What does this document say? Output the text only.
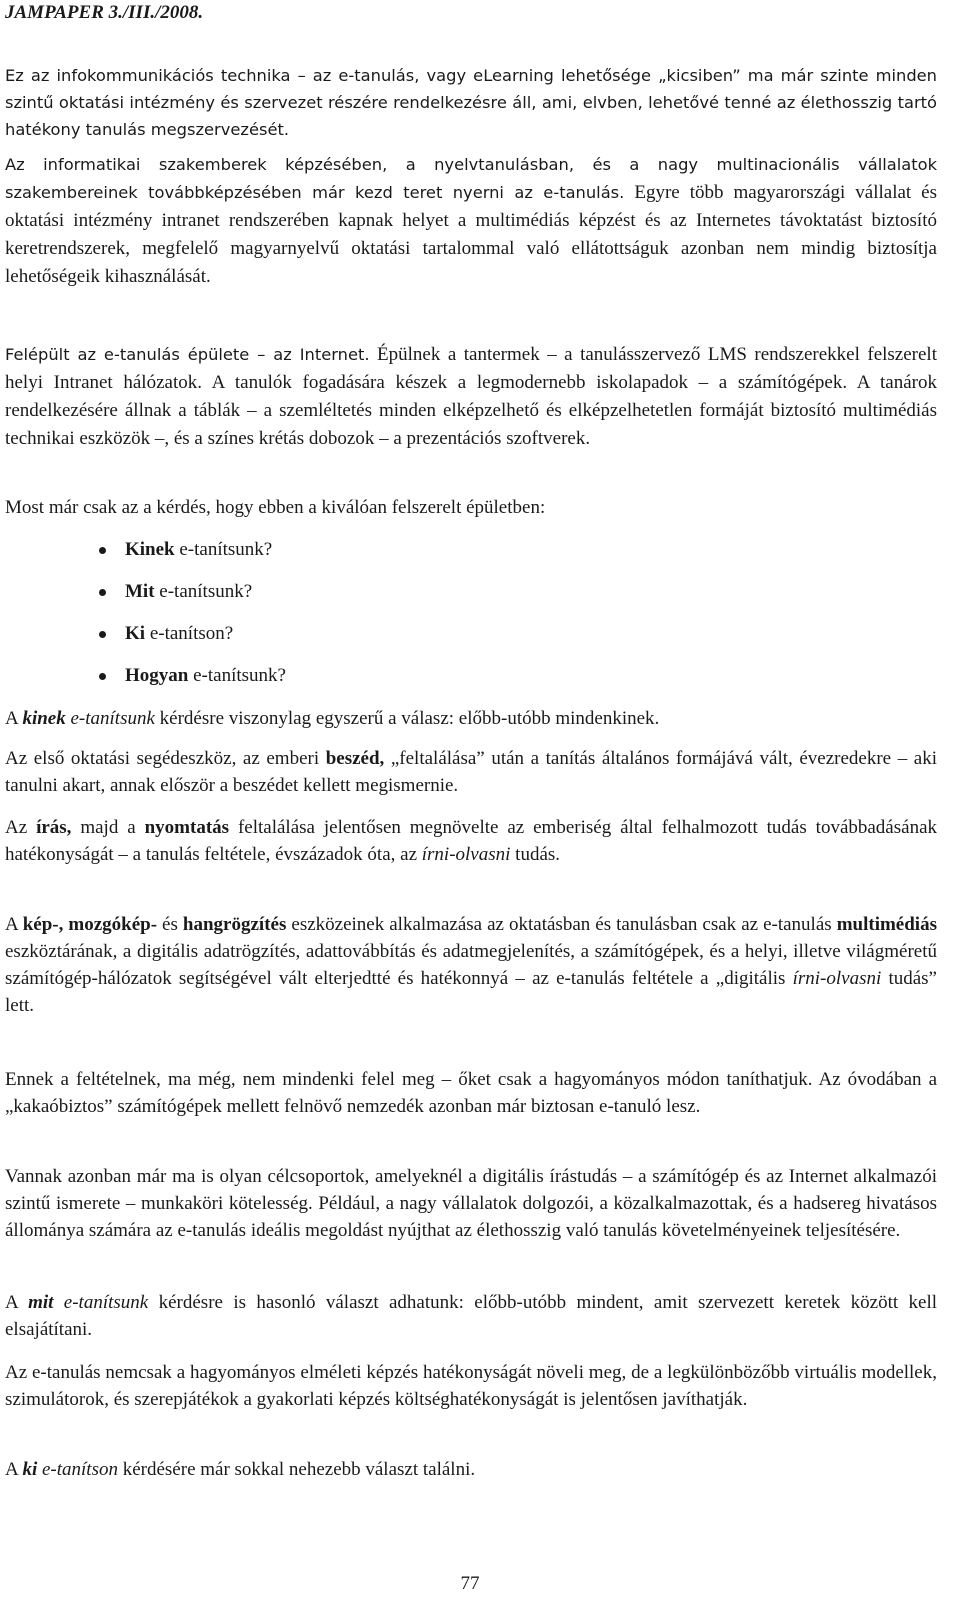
JAMPAPER 3./III./2008.

Ez az infokommunikációs technika – az e-tanulás, vagy eLearning lehetősége „kicsiben” ma már szinte minden szintű oktatási intézmény és szervezet részére rendelkezésre áll, ami, elvben, lehetővé tenné az élethosszig tartó hatékony tanulás megszervezését.

Az informatikai szakemberek képzésében, a nyelvtanulásban, és a nagy multinacionális vállalatok szakembereinek továbbképzésében már kezd teret nyerni az e-tanulás. Egyre több magyarországi vállalat és oktatási intézmény intranet rendszerében kapnak helyet a multimédiás képzést és az Internetes távoktatást biztosító keretrendszerek, megfelelő magyarnyelvű oktatási tartalommal való ellátottságuk azonban nem mindig biztosítja lehetőségeik kihasználását.

Felépült az e-tanulás épülete – az Internet. Épülnek a tantermek – a tanulásszervező LMS rendszerekkel felszerelt helyi Intranet hálózatok. A tanulók fogadására készek a legmodernebb iskolapadok – a számítógépek. A tanárok rendelkezésére állnak a táblák – a szemléltetés minden elképzelhető és elképzelhetetlen formáját biztosító multimédiás technikai eszközök –, és a színes krétás dobozok – a prezentációs szoftverek.

Most már csak az a kérdés, hogy ebben a kiválóan felszerelt épületben:

Kinek e-tanítsunk?
Mit e-tanítsunk?
Ki e-tanítson?
Hogyan e-tanítsunk?

A kinek e-tanítsunk kérdésre viszonylag egyszerű a válasz: előbb-utóbb mindenkinek.

Az első oktatási segédeszköz, az emberi beszéd, „feltalálása” után a tanítás általános formájává vált, évezredekre – aki tanulni akart, annak először a beszédet kellett megismernie.

Az írás, majd a nyomtatás feltalálása jelentősen megnövelte az emberiség által felhalmozott tudás továbbadásának hatékonyságát – a tanulás feltétele, évszázadok óta, az írni-olvasni tudás.

A kép-, mozgókép- és hangrögzítés eszközeinek alkalmazása az oktatásban és tanulásban csak az e-tanulás multimédiás eszköztárának, a digitális adatrögzítés, adattovábbítás és adatmegjelenítés, a számítógépek, és a helyi, illetve világméretű számítógép-hálózatok segítségével vált elterjedtté és hatékonnyá – az e-tanulás feltétele a „digitális írni-olvasni tudás” lett.

Ennek a feltételnek, ma még, nem mindenki felel meg – őket csak a hagyományos módon taníthatjuk. Az óvodában a „kakaóbiztos” számítógépek mellett felnövő nemzedék azonban már biztosan e-tanuló lesz.

Vannak azonban már ma is olyan célcsoportok, amelyeknél a digitális írástudás – a számítógép és az Internet alkalmazói szintű ismerete – munkaköri kötelesség. Például, a nagy vállalatok dolgozói, a közalkalmazottak, és a hadsereg hivatásos állománya számára az e-tanulás ideális megoldást nyújthat az élethosszig való tanulás követelményeinek teljesítésére.

A mit e-tanítsunk kérdésre is hasonló választ adhatunk: előbb-utóbb mindent, amit szervezett keretek között kell elsajátítani.

Az e-tanulás nemcsak a hagyományos elméleti képzés hatékonyságát növeli meg, de a legkülönbözőbb virtuális modellek, szimulátorok, és szerepjátékok a gyakorlati képzés költséghatékonyságát is jelentősen javíthatják.

A ki e-taníts​on kérdésére már sokkal nehezebb választ találni.

77
